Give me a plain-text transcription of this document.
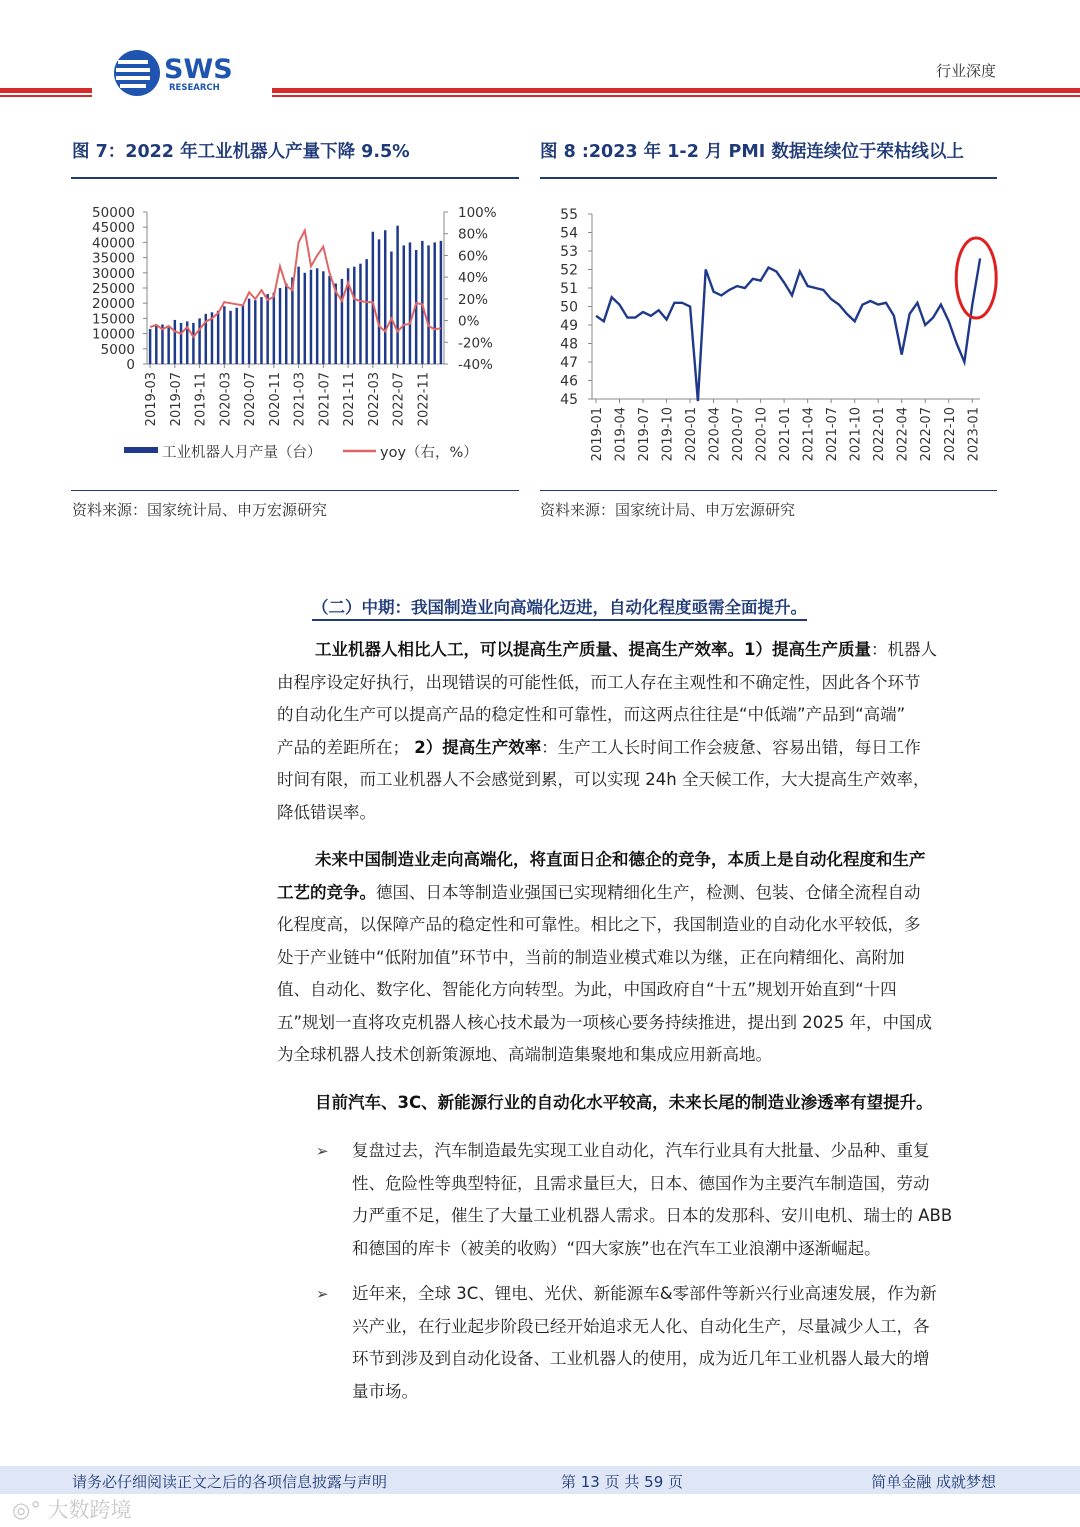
SWS
RESEARCH
行业深度
图 7：2022 年工业机器人产量下降 9.5%
50000
45000
40000
35000
30000
25000
20000
15000
10000
5000
0
100%
80%
60%
40%
20%
0%
-20%
-40%
2019-03 2019-07 2019-11 2020-03 2020-07 2020-11 2021-03 2021-07 2021-11 2022-03 2022-07 2022-11
工业机器人月产量（台）	yoy（右，%）
资料来源：国家统计局、申万宏源研究
图 8 :2023 年 1-2 月 PMI 数据连续位于荣枯线以上
55
54
53
52
51
50
49
48
47
46
45
2019-01 2019-04 2019-07 2019-10 2020-01 2020-04 2020-07 2020-10 2021-01 2021-04 2021-07 2021-10 2022-01 2022-04 2022-07 2022-10 2023-01
资料来源：国家统计局、申万宏源研究
（二）中期：我国制造业向高端化迈进，自动化程度亟需全面提升。
工业机器人相比人工，可以提高生产质量、提高生产效率。1）提高生产质量：机器人
由程序设定好执行，出现错误的可能性低，而工人存在主观性和不确定性，因此各个环节
的自动化生产可以提高产品的稳定性和可靠性，而这两点往往是“中低端”产品到“高端”
产品的差距所在； 2）提高生产效率：生产工人长时间工作会疲惫、容易出错，每日工作
时间有限，而工业机器人不会感觉到累，可以实现 24h 全天候工作，大大提高生产效率，
降低错误率。
未来中国制造业走向高端化，将直面日企和德企的竞争，本质上是自动化程度和生产
工艺的竞争。德国、日本等制造业强国已实现精细化生产，检测、包装、仓储全流程自动
化程度高，以保障产品的稳定性和可靠性。相比之下，我国制造业的自动化水平较低，多
处于产业链中“低附加值”环节中，当前的制造业模式难以为继，正在向精细化、高附加
值、自动化、数字化、智能化方向转型。为此，中国政府自“十五”规划开始直到“十四
五”规划一直将攻克机器人核心技术最为一项核心要务持续推进，提出到 2025 年，中国成
为全球机器人技术创新策源地、高端制造集聚地和集成应用新高地。
目前汽车、3C、新能源行业的自动化水平较高，未来长尾的制造业渗透率有望提升。
➢ 复盘过去，汽车制造最先实现工业自动化，汽车行业具有大批量、少品种、重复
性、危险性等典型特征，且需求量巨大，日本、德国作为主要汽车制造国，劳动
力严重不足，催生了大量工业机器人需求。日本的发那科、安川电机、瑞士的 ABB
和德国的库卡（被美的收购）“四大家族”也在汽车工业浪潮中逐渐崛起。
➢ 近年来，全球 3C、锂电、光伏、新能源车&零部件等新兴行业高速发展，作为新
兴产业，在行业起步阶段已经开始追求无人化、自动化生产，尽量减少人工，各
环节到涉及到自动化设备、工业机器人的使用，成为近几年工业机器人最大的增
量市场。
请务必仔细阅读正文之后的各项信息披露与声明	第 13 页 共 59 页	简单金融 成就梦想
◎° 大数跨境
